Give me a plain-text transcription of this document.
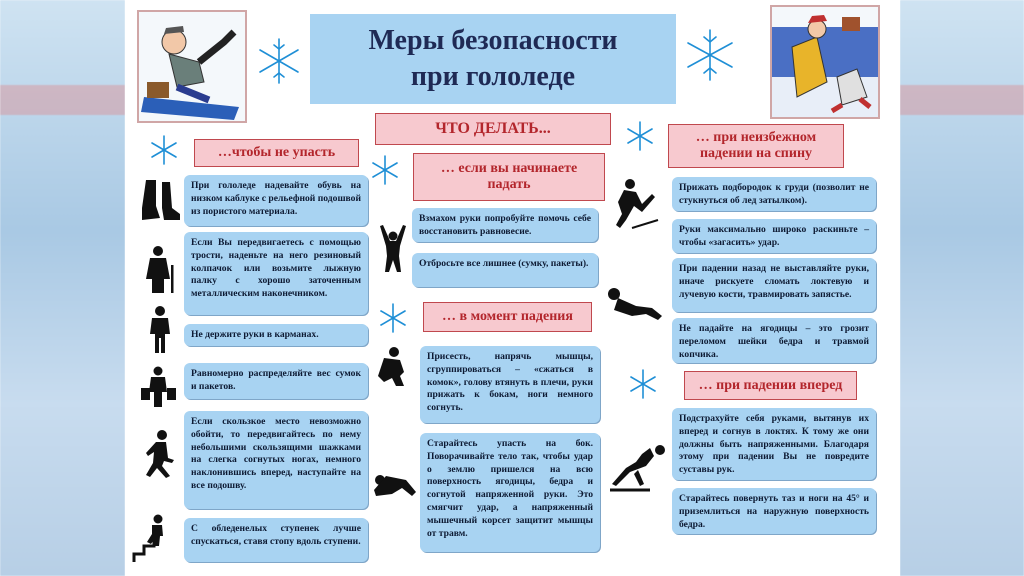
Меры безопасности
при гололеде
ЧТО ДЕЛАТЬ...
…чтобы не упасть
При гололеде надевайте обувь на низком каблуке с рельефной подошвой из пористого материала.
Если Вы передвигаетесь с помощью трости, наденьте на него резиновый колпачок или возьмите лыжную палку с хорошо заточенным металлическим наконечником.
Не держите руки в карманах.
Равномерно распределяйте вес сумок и пакетов.
Если скользкое место невозможно обойти, то передвигайтесь по нему небольшими скользящими шажками на слегка согнутых ногах, немного наклонившись вперед, наступайте на все подошву.
С обледенелых ступенек лучше спускаться, ставя стопу вдоль ступени.
… если вы начинаете падать
Взмахом руки попробуйте помочь себе восстановить равновесие.
Отбросьте все лишнее (сумку, пакеты).
… в момент падения
Присесть, напрячь мышцы, сгруппироваться – «сжаться в комок», голову втянуть в плечи, руки прижать к бокам, ноги немного согнуть.
Старайтесь упасть на бок. Поворачивайте тело так, чтобы удар о землю пришелся на всю поверхность ягодицы, бедра и согнутой напряженной руки. Это смягчит удар, а напряженный мышечный корсет защитит мышцы от травм.
… при неизбежном падении на спину
Прижать подбородок к груди (позволит не стукнуться об лед затылком).
Руки максимально широко раскиньте – чтобы «загасить» удар.
При падении назад не выставляйте руки, иначе рискуете сломать локтевую и лучевую кости, травмировать запястье.
Не падайте на ягодицы – это грозит переломом шейки бедра и травмой копчика.
… при падении вперед
Подстрахуйте себя руками, вытянув их вперед и согнув в локтях. К тому же они должны быть напряженными. Благодаря этому при падении Вы не повредите суставы рук.
Старайтесь повернуть таз и ноги на 45° и приземлиться на наружную поверхность бедра.
